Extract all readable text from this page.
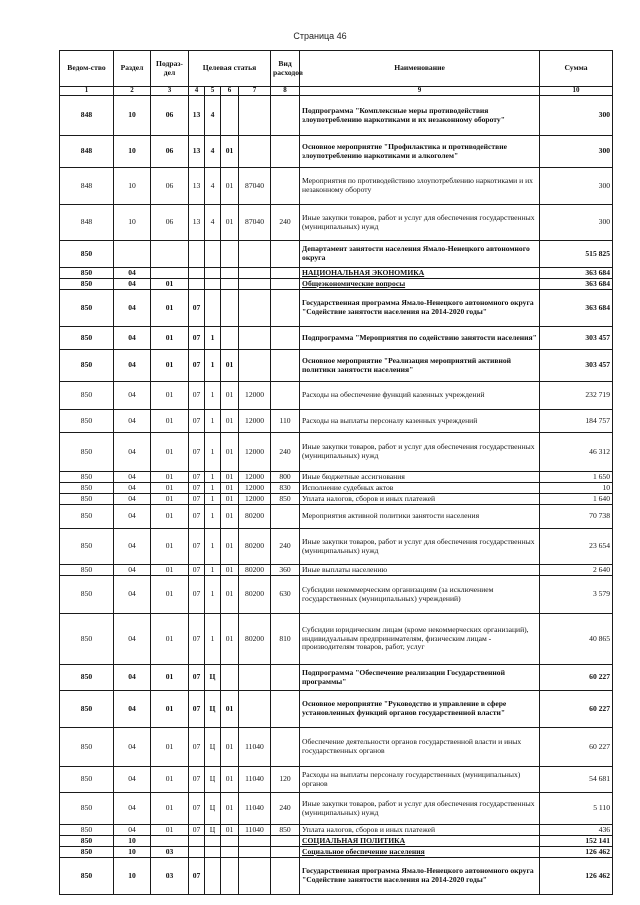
Страница 46
Ведом-ство	Раздел	Подраз-дел	Целевая статья				Вид расходов	Наименование	Сумма
1	2	3	4	5	6	7	8	9	10
848	10	06	13	4				Подпрограмма "Комплексные меры противодействия злоупотреблению наркотиками и их незаконному обороту"	300
848	10	06	13	4	01			Основное мероприятие "Профилактика и противодействие злоупотреблению наркотиками и алкоголем"	300
848	10	06	13	4	01	87040		Мероприятия по противодействию злоупотреблению наркотиками и их незаконному обороту	300
848	10	06	13	4	01	87040	240	Иные закупки товаров, работ и услуг для обеспечения государственных (муниципальных) нужд	300
850								Департамент занятости населения Ямало-Ненецкого автономного округа	515 825
850	04							НАЦИОНАЛЬНАЯ ЭКОНОМИКА	363 684
850	04	01						Общеэкономические вопросы	363 684
850	04	01	07					Государственная программа Ямало-Ненецкого автономного округа "Содействие занятости населения на 2014-2020 годы"	363 684
850	04	01	07	1				Подпрограмма "Мероприятия по содействию занятости населения"	303 457
850	04	01	07	1	01			Основное мероприятие "Реализация мероприятий активной политики занятости населения"	303 457
850	04	01	07	1	01	12000		Расходы на обеспечение функций казенных учреждений	232 719
850	04	01	07	1	01	12000	110	Расходы на выплаты персоналу казенных учреждений	184 757
850	04	01	07	1	01	12000	240	Иные закупки товаров, работ и услуг для обеспечения государственных (муниципальных) нужд	46 312
850	04	01	07	1	01	12000	800	Иные бюджетные ассигнования	1 650
850	04	01	07	1	01	12000	830	Исполнение судебных актов	10
850	04	01	07	1	01	12000	850	Уплата налогов, сборов и иных платежей	1 640
850	04	01	07	1	01	80200		Мероприятия активной политики занятости населения	70 738
850	04	01	07	1	01	80200	240	Иные закупки товаров, работ и услуг для обеспечения государственных (муниципальных) нужд	23 654
850	04	01	07	1	01	80200	360	Иные выплаты населению	2 640
850	04	01	07	1	01	80200	630	Субсидии некоммерческим организациям (за исключением государственных (муниципальных) учреждений)	3 579
850	04	01	07	1	01	80200	810	Субсидии юридическим лицам (кроме некоммерческих организаций), индивидуальным предпринимателям, физическим лицам - производителям товаров, работ, услуг	40 865
850	04	01	07	Ц				Подпрограмма "Обеспечение реализации Государственной программы"	60 227
850	04	01	07	Ц	01			Основное мероприятие "Руководство и управление в сфере установленных функций органов государственной власти"	60 227
850	04	01	07	Ц	01	11040		Обеспечение деятельности органов государственной власти и иных государственных органов	60 227
850	04	01	07	Ц	01	11040	120	Расходы на выплаты персоналу государственных (муниципальных) органов	54 681
850	04	01	07	Ц	01	11040	240	Иные закупки товаров, работ и услуг для обеспечения государственных (муниципальных) нужд	5 110
850	04	01	07	Ц	01	11040	850	Уплата налогов, сборов и иных платежей	436
850	10							СОЦИАЛЬНАЯ ПОЛИТИКА	152 141
850	10	03						Социальное обеспечение населения	126 462
850	10	03	07					Государственная программа Ямало-Ненецкого автономного округа "Содействие занятости населения на 2014-2020 годы"	126 462
